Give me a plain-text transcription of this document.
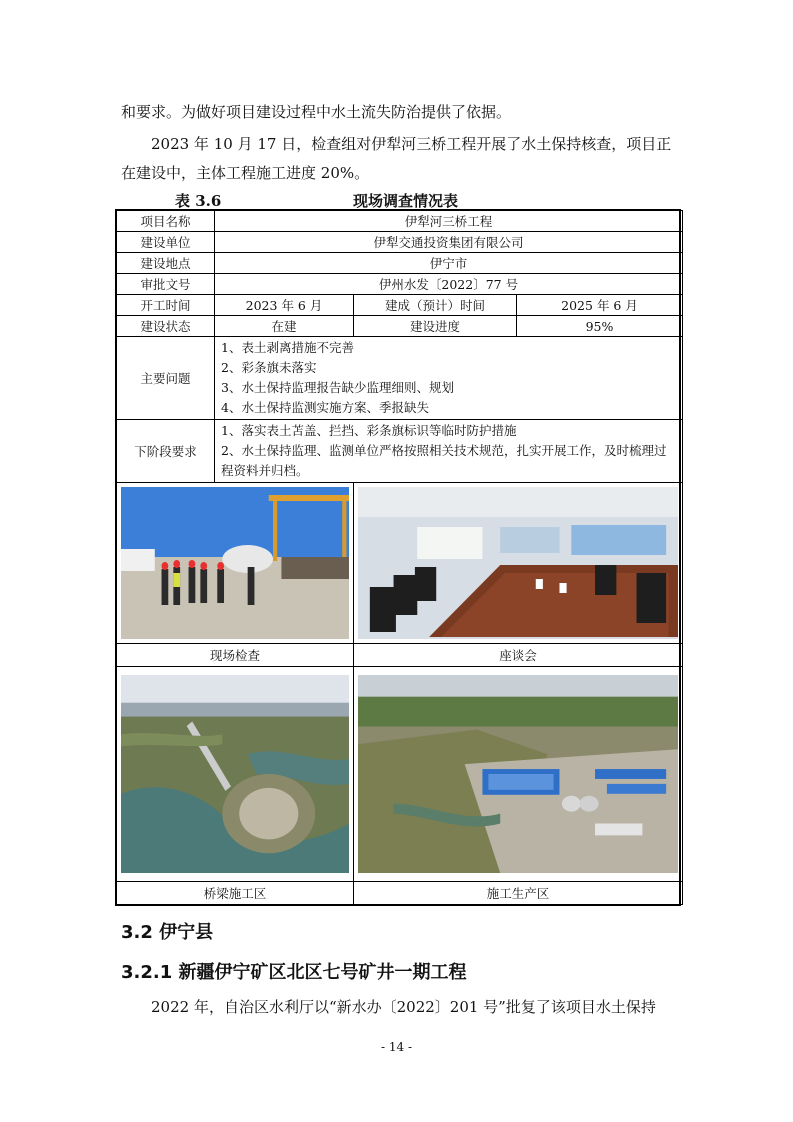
和要求。为做好项目建设过程中水土流失防治提供了依据。

2023 年 10 月 17 日，检查组对伊犁河三桥工程开展了水土保持核查，项目正在建设中，主体工程施工进度 20%。

表 3.6	现场调查情况表
项目名称	伊犁河三桥工程		
建设单位	伊犁交通投资集团有限公司		
建设地点	伊宁市		
审批文号	伊州水发〔2022〕77 号		
开工时间	2023 年 6 月	建成（预计）时间	2025 年 6 月
建设状态	在建	建设进度	95%
主要问题	1、表土剥离措施不完善
2、彩条旗未落实
3、水土保持监理报告缺少监理细则、规划
4、水土保持监测实施方案、季报缺失		

下阶段要求	1、落实表土苫盖、拦挡、彩条旗标识等临时防护措施
2、水土保持监理、监测单位严格按照相关技术规范，扎实开展工作，及时梳理过程资料并归档。		

现场检查		座谈会	

桥梁施工区		施工生产区	
3.2 伊宁县
3.2.1 新疆伊宁矿区北区七号矿井一期工程

2022 年，自治区水利厅以“新水办〔2022〕201 号”批复了该项目水土保持

- 14 -
